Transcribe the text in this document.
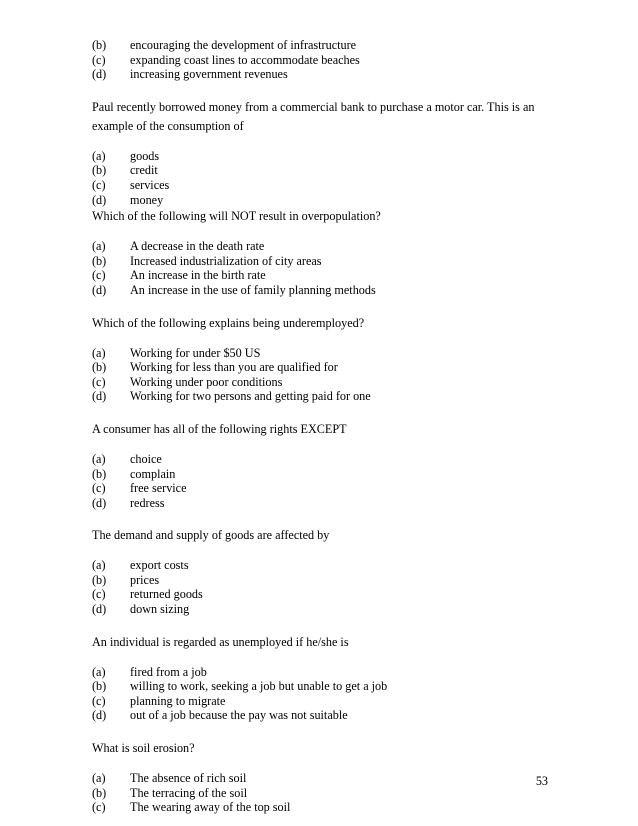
(b)	encouraging the development of infrastructure
(c)	expanding coast lines to accommodate beaches
(d)	increasing government revenues

Paul recently borrowed money from a commercial bank to purchase a motor car. This is an example of the consumption of

(a)	goods
(b)	credit
(c)	services
(d)	money

Which of the following will NOT result in overpopulation?

(a)	A decrease in the death rate
(b)	Increased industrialization of city areas
(c)	An increase in the birth rate
(d)	An increase in the use of family planning methods

Which of the following explains being underemployed?

(a)	Working for under $50 US
(b)	Working for less than you are qualified for
(c)	Working under poor conditions
(d)	Working for two persons and getting paid for one

A consumer has all of the following rights EXCEPT

(a)	choice
(b)	complain
(c)	free service
(d)	redress

The demand and supply of goods are affected by

(a)	export costs
(b)	prices
(c)	returned goods
(d)	down sizing

An individual is regarded as unemployed if he/she is

(a)	fired from a job
(b)	willing to work, seeking a job but unable to get a job
(c)	planning to migrate
(d)	out of a job because the pay was not suitable

What is soil erosion?

(a)	The absence of rich soil
(b)	The terracing of the soil
(c)	The wearing away of the top soil
53
